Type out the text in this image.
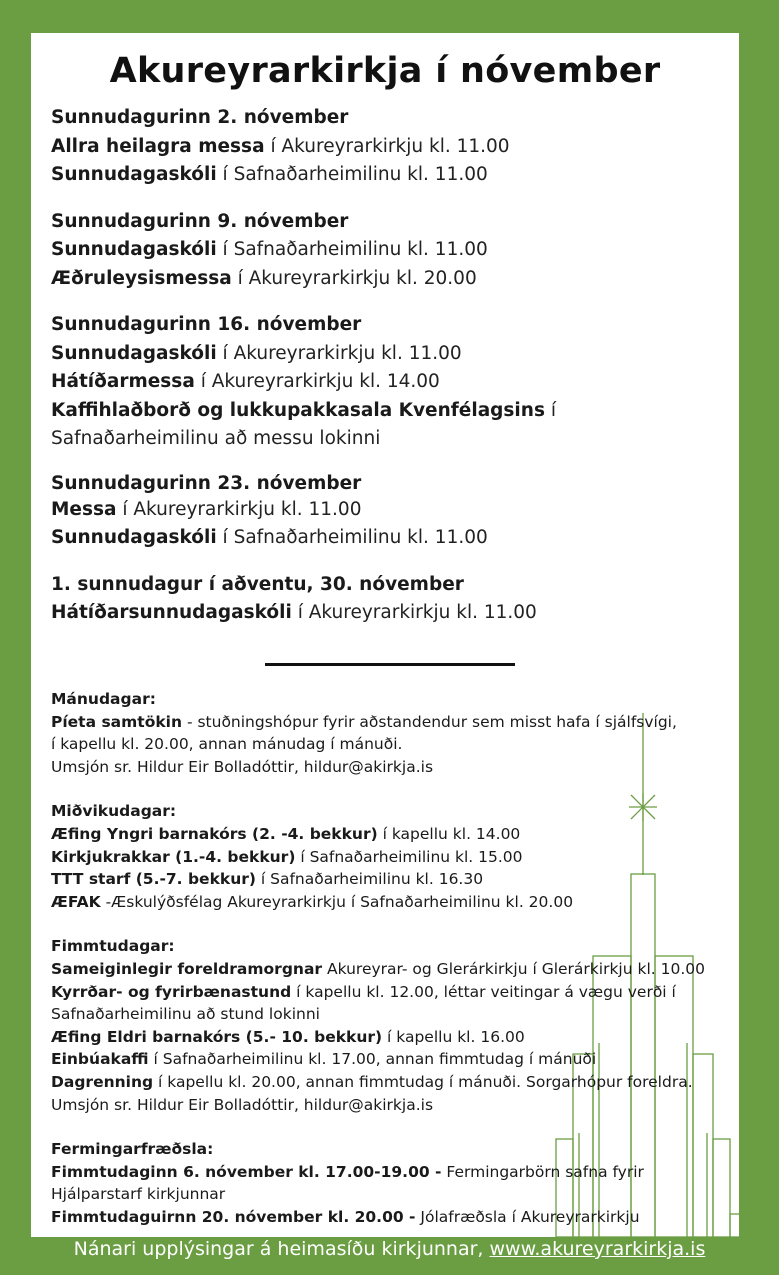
Akureyrarkirkja í nóvember
Sunnudagurinn 2. nóvember
Allra heilagra messa í Akureyrarkirkju kl. 11.00
Sunnudagaskóli í Safnaðarheimilinu kl. 11.00
Sunnudagurinn 9. nóvember
Sunnudagaskóli í Safnaðarheimilinu kl. 11.00
Æðruleysismessa í Akureyrarkirkju kl. 20.00
Sunnudagurinn 16. nóvember
Sunnudagaskóli í Akureyrarkirkju kl. 11.00
Hátíðarmessa í Akureyrarkirkju kl. 14.00
Kaffihlaðborð og lukkupakkasala Kvenfélagsins í
Safnaðarheimilinu að messu lokinni
Sunnudagurinn 23. nóvember
Messa í Akureyrarkirkju kl. 11.00
Sunnudagaskóli í Safnaðarheimilinu kl. 11.00
1. sunnudagur í aðventu, 30. nóvember
Hátíðarsunnudagaskóli í Akureyrarkirkju kl. 11.00
Mánudagar:
Píeta samtökin - stuðningshópur fyrir aðstandendur sem misst hafa í sjálfsvígi,
í kapellu kl. 20.00, annan mánudag í mánuði.
Umsjón sr. Hildur Eir Bolladóttir, hildur@akirkja.is
Miðvikudagar:
Æfing Yngri barnakórs (2. -4. bekkur) í kapellu kl. 14.00
Kirkjukrakkar (1.-4. bekkur) í Safnaðarheimilinu kl. 15.00
TTT starf (5.-7. bekkur) í Safnaðarheimilinu kl. 16.30
ÆFAK -Æskulýðsfélag Akureyrarkirkju í Safnaðarheimilinu kl. 20.00
Fimmtudagar:
Sameiginlegir foreldramorgnar Akureyrar- og Glerárkirkju í Glerárkirkju kl. 10.00
Kyrrðar- og fyrirbænastund í kapellu kl. 12.00, léttar veitingar á vægu verði í
Safnaðarheimilinu að stund lokinni
Æfing Eldri barnakórs (5.- 10. bekkur) í kapellu kl. 16.00
Einbúakaffi í Safnaðarheimilinu kl. 17.00, annan fimmtudag í mánuði
Dagrenning í kapellu kl. 20.00, annan fimmtudag í mánuði. Sorgarhópur foreldra.
Umsjón sr. Hildur Eir Bolladóttir, hildur@akirkja.is
Fermingarfræðsla:
Fimmtudaginn 6. nóvember kl. 17.00-19.00 - Fermingarbörn safna fyrir
Hjálparstarf kirkjunnar
Fimmtudaguirnn 20. nóvember kl. 20.00 - Jólafræðsla í Akureyrarkirkju
Nánari upplýsingar á heimasíðu kirkjunnar, www.akureyrarkirkja.is
